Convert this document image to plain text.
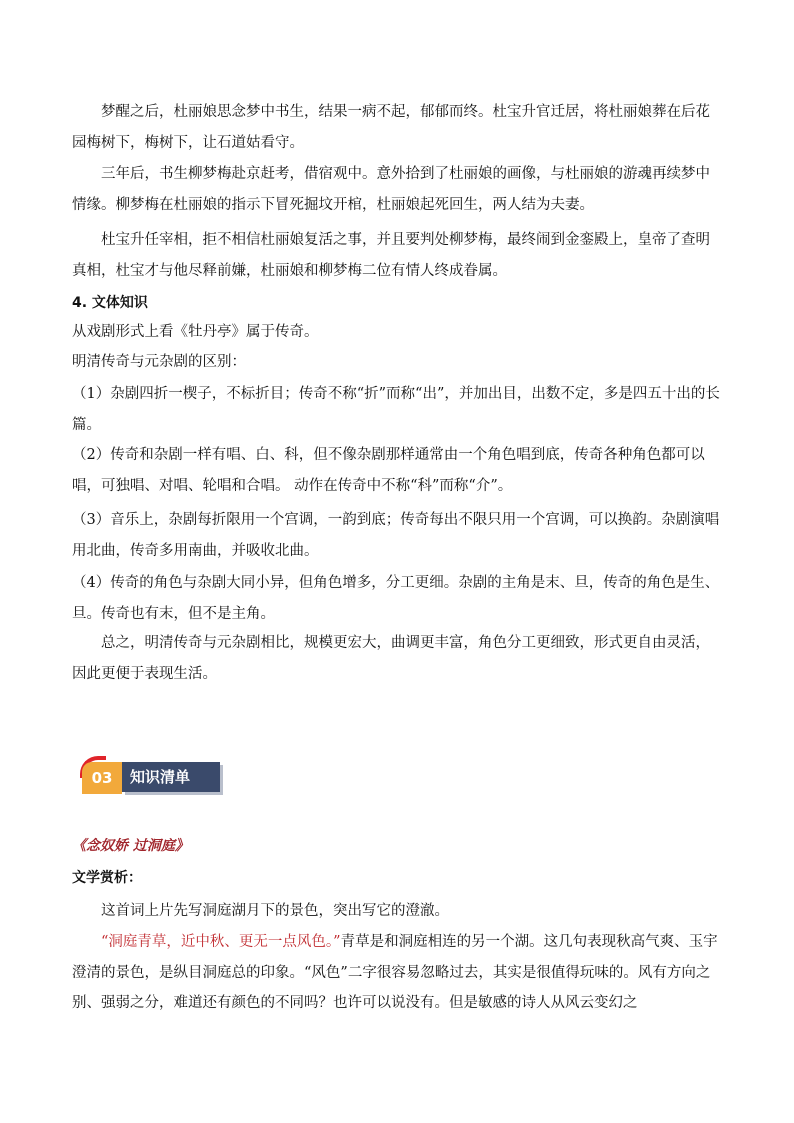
梦醒之后，杜丽娘思念梦中书生，结果一病不起，郁郁而终。杜宝升官迁居，将杜丽娘葬在后花园梅树下，梅树下，让石道姑看守。

三年后，书生柳梦梅赴京赶考，借宿观中。意外拾到了杜丽娘的画像，与杜丽娘的游魂再续梦中情缘。柳梦梅在杜丽娘的指示下冒死掘坟开棺，杜丽娘起死回生，两人结为夫妻。

杜宝升任宰相，拒不相信杜丽娘复活之事，并且要判处柳梦梅，最终闹到金銮殿上，皇帝了查明真相，杜宝才与他尽释前嫌，杜丽娘和柳梦梅二位有情人终成眷属。

4. 文体知识

从戏剧形式上看《牡丹亭》属于传奇。

明清传奇与元杂剧的区别：

（1）杂剧四折一楔子，不标折目；传奇不称“折”而称“出”，并加出目，出数不定，多是四五十出的长篇。

（2）传奇和杂剧一样有唱、白、科，但不像杂剧那样通常由一个角色唱到底，传奇各种角色都可以唱，可独唱、对唱、轮唱和合唱。 动作在传奇中不称“科”而称“介”。

（3）音乐上，杂剧每折限用一个宫调，一韵到底；传奇每出不限只用一个宫调，可以换韵。杂剧演唱用北曲，传奇多用南曲，并吸收北曲。

（4）传奇的角色与杂剧大同小异，但角色增多，分工更细。杂剧的主角是末、旦，传奇的角色是生、旦。传奇也有末，但不是主角。

总之，明清传奇与元杂剧相比，规模更宏大，曲调更丰富，角色分工更细致，形式更自由灵活，因此更便于表现生活。

03	知识清单

《念奴娇 过洞庭》

文学赏析：

这首词上片先写洞庭湖月下的景色，突出写它的澄澈。

“洞庭青草，近中秋、更无一点风色。”青草是和洞庭相连的另一个湖。这几句表现秋高气爽、玉宇澄清的景色，是纵目洞庭总的印象。“风色”二字很容易忽略过去，其实是很值得玩味的。风有方向之别、强弱之分，难道还有颜色的不同吗？也许可以说没有。但是敏感的诗人从风云变幻之
